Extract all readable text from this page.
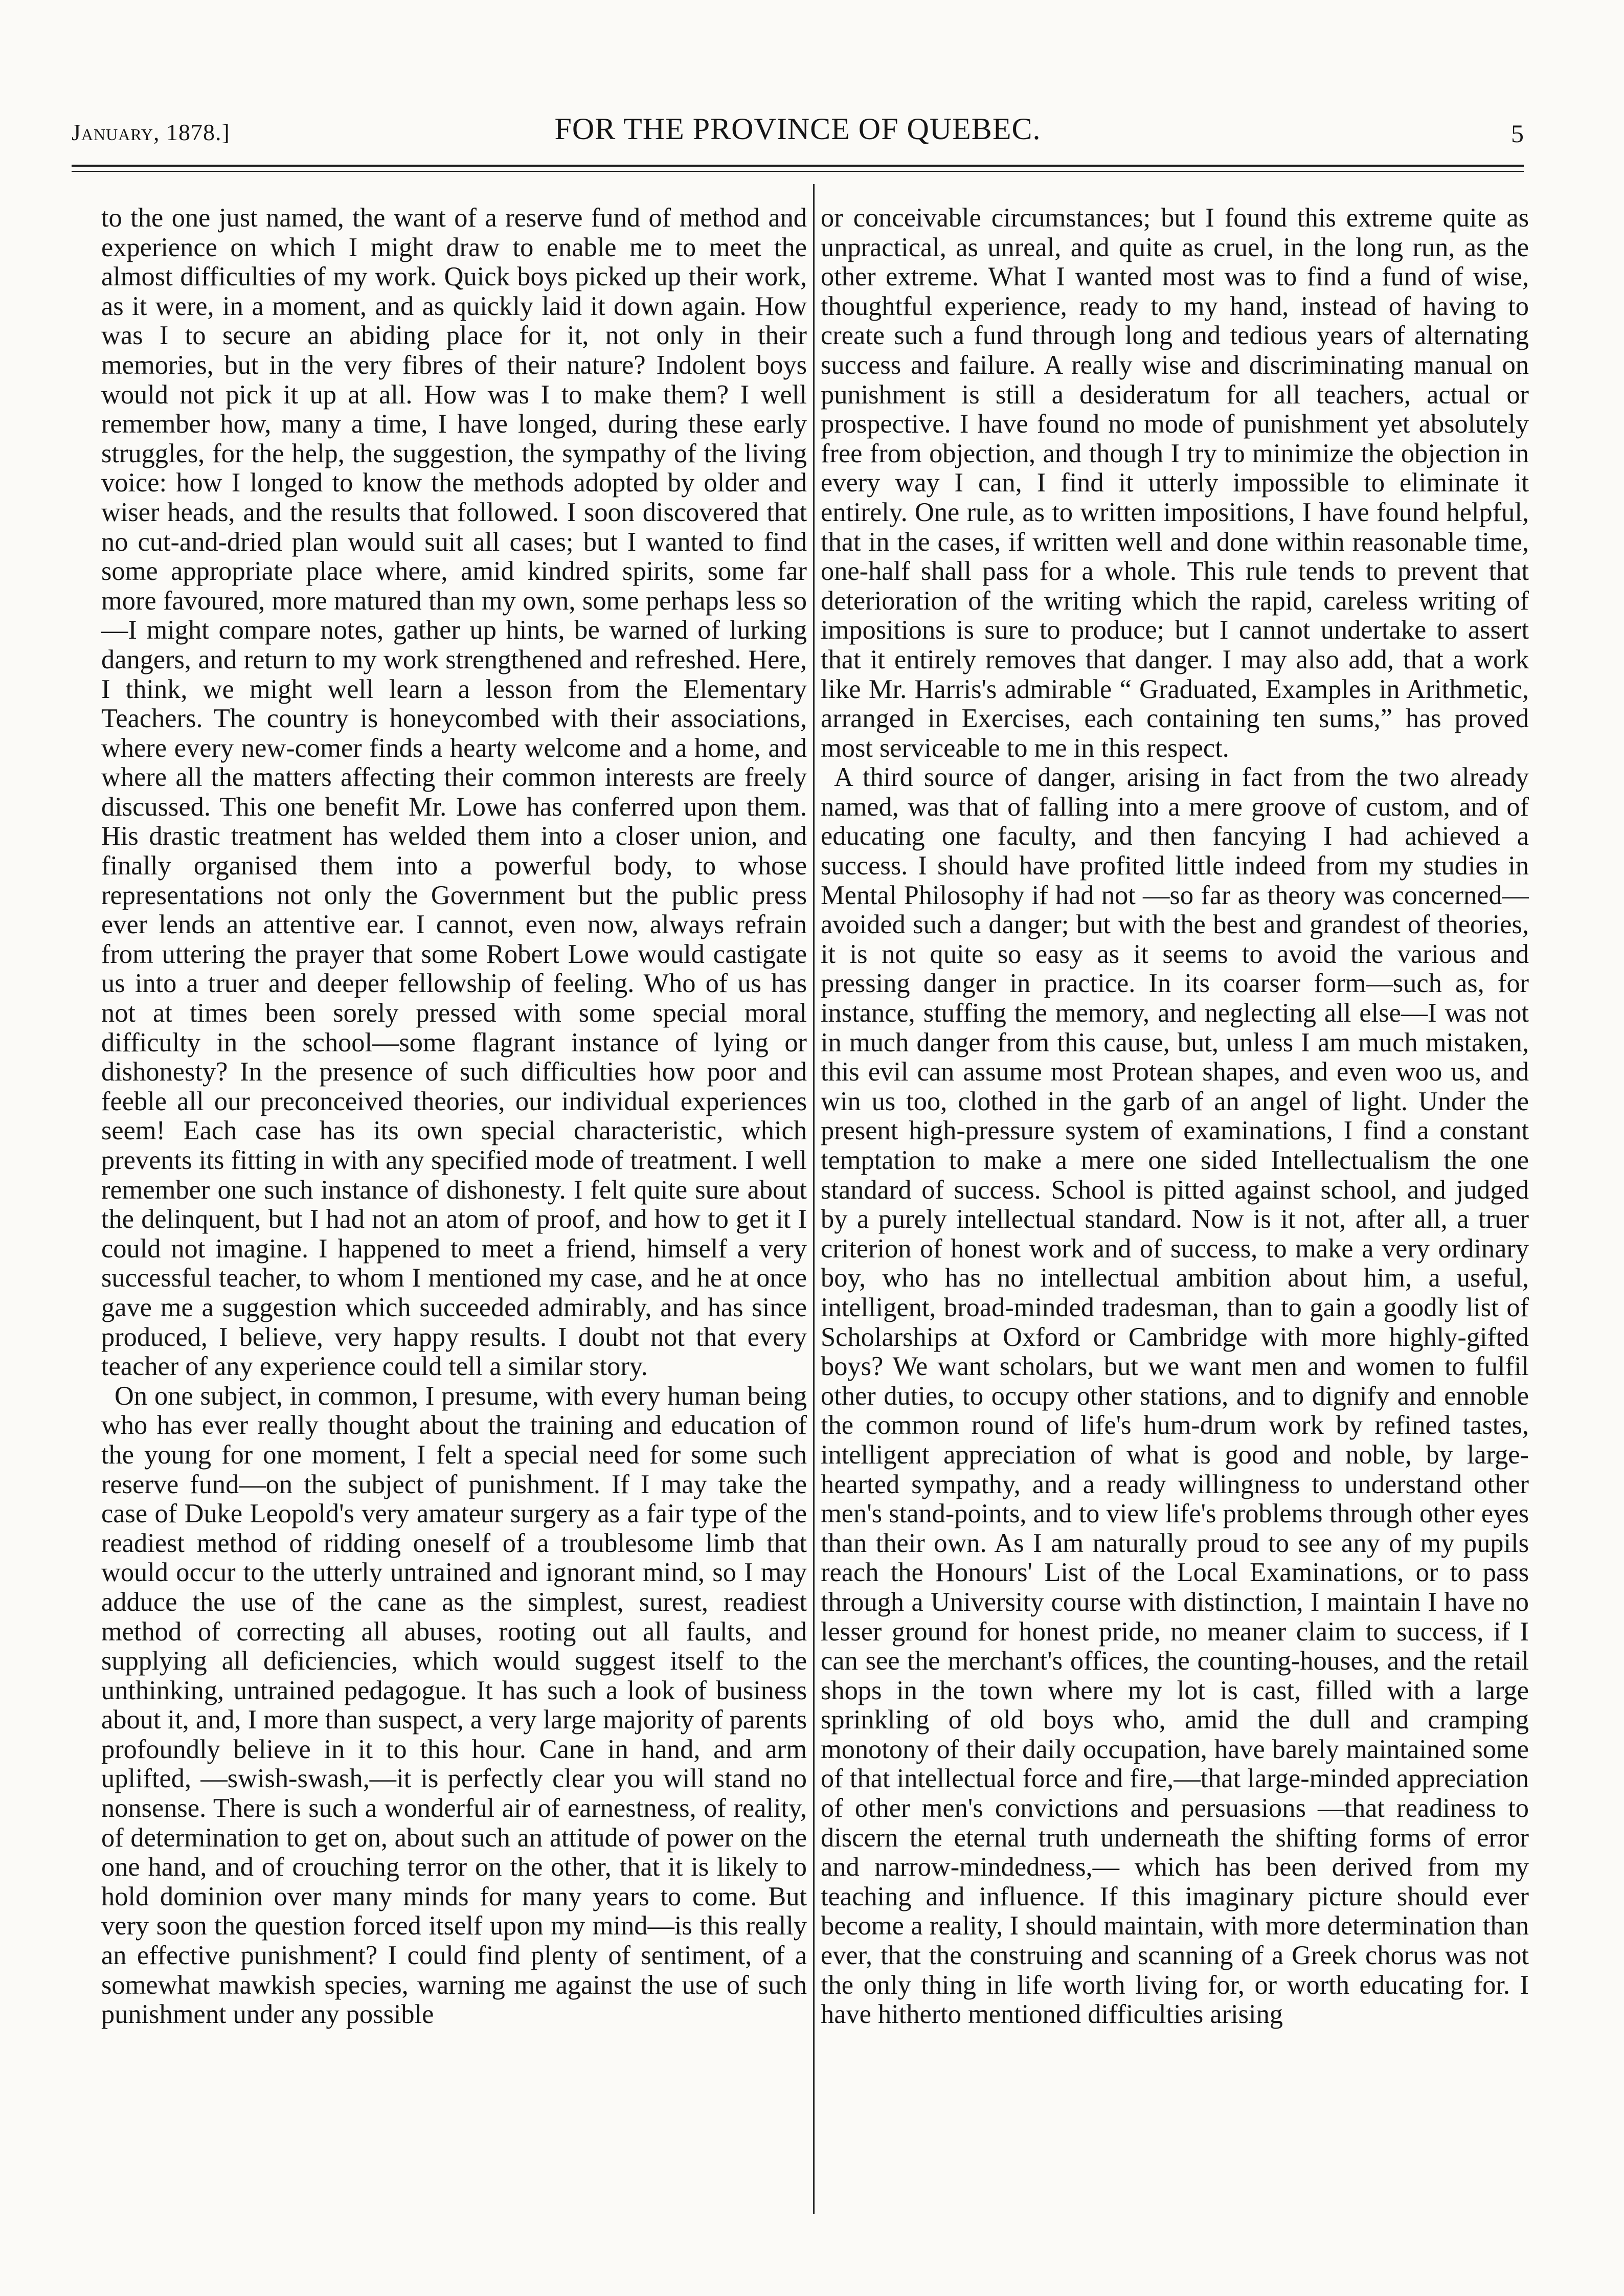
January, 1878.]	FOR THE PROVINCE OF QUEBEC.	5

to the one just named, the want of a reserve fund of method and experience on which I might draw to enable me to meet the almost difficulties of my work. Quick boys picked up their work, as it were, in a moment, and as quickly laid it down again. How was I to secure an abiding place for it, not only in their memories, but in the very fibres of their nature? Indolent boys would not pick it up at all. How was I to make them? I well remember how, many a time, I have longed, during these early struggles, for the help, the suggestion, the sympathy of the living voice: how I longed to know the methods adopted by older and wiser heads, and the results that followed. I soon discovered that no cut-and-dried plan would suit all cases; but I wanted to find some appropriate place where, amid kindred spirits, some far more favoured, more matured than my own, some perhaps less so—I might compare notes, gather up hints, be warned of lurking dangers, and return to my work strengthened and refreshed. Here, I think, we might well learn a lesson from the Elementary Teachers. The country is honeycombed with their associations, where every new-comer finds a hearty welcome and a home, and where all the matters affecting their common interests are freely discussed. This one benefit Mr. Lowe has conferred upon them. His drastic treatment has welded them into a closer union, and finally organised them into a powerful body, to whose representations not only the Government but the public press ever lends an attentive ear. I cannot, even now, always refrain from uttering the prayer that some Robert Lowe would castigate us into a truer and deeper fellowship of feeling. Who of us has not at times been sorely pressed with some special moral difficulty in the school—some flagrant instance of lying or dishonesty? In the presence of such difficulties how poor and feeble all our preconceived theories, our individual experiences seem! Each case has its own special characteristic, which prevents its fitting in with any specified mode of treatment. I well remember one such instance of dishonesty. I felt quite sure about the delinquent, but I had not an atom of proof, and how to get it I could not imagine. I happened to meet a friend, himself a very successful teacher, to whom I mentioned my case, and he at once gave me a suggestion which succeeded admirably, and has since produced, I believe, very happy results. I doubt not that every teacher of any experience could tell a similar story.

On one subject, in common, I presume, with every human being who has ever really thought about the training and education of the young for one moment, I felt a special need for some such reserve fund—on the subject of punishment. If I may take the case of Duke Leopold's very amateur surgery as a fair type of the readiest method of ridding oneself of a troublesome limb that would occur to the utterly untrained and ignorant mind, so I may adduce the use of the cane as the simplest, surest, readiest method of correcting all abuses, rooting out all faults, and supplying all deficiencies, which would suggest itself to the unthinking, untrained pedagogue. It has such a look of business about it, and, I more than suspect, a very large majority of parents profoundly believe in it to this hour. Cane in hand, and arm uplifted, —swish-swash,—it is perfectly clear you will stand no nonsense. There is such a wonderful air of earnestness, of reality, of determination to get on, about such an attitude of power on the one hand, and of crouching terror on the other, that it is likely to hold dominion over many minds for many years to come. But very soon the question forced itself upon my mind—is this really an effective punishment? I could find plenty of sentiment, of a somewhat mawkish species, warning me against the use of such punishment under any possible

or conceivable circumstances; but I found this extreme quite as unpractical, as unreal, and quite as cruel, in the long run, as the other extreme. What I wanted most was to find a fund of wise, thoughtful experience, ready to my hand, instead of having to create such a fund through long and tedious years of alternating success and failure. A really wise and discriminating manual on punishment is still a desideratum for all teachers, actual or prospective. I have found no mode of punishment yet absolutely free from objection, and though I try to minimize the objection in every way I can, I find it utterly impossible to eliminate it entirely. One rule, as to written impositions, I have found helpful, that in the cases, if written well and done within reasonable time, one-half shall pass for a whole. This rule tends to prevent that deterioration of the writing which the rapid, careless writing of impositions is sure to produce; but I cannot undertake to assert that it entirely removes that danger. I may also add, that a work like Mr. Harris's admirable “ Graduated, Examples in Arithmetic, arranged in Exercises, each containing ten sums,” has proved most serviceable to me in this respect.

A third source of danger, arising in fact from the two already named, was that of falling into a mere groove of custom, and of educating one faculty, and then fancying I had achieved a success. I should have profited little indeed from my studies in Mental Philosophy if had not —so far as theory was concerned—avoided such a danger; but with the best and grandest of theories, it is not quite so easy as it seems to avoid the various and pressing danger in practice. In its coarser form—such as, for instance, stuffing the memory, and neglecting all else—I was not in much danger from this cause, but, unless I am much mistaken, this evil can assume most Protean shapes, and even woo us, and win us too, clothed in the garb of an angel of light. Under the present high-pressure system of examinations, I find a constant temptation to make a mere one sided Intellectualism the one standard of success. School is pitted against school, and judged by a purely intellectual standard. Now is it not, after all, a truer criterion of honest work and of success, to make a very ordinary boy, who has no intellectual ambition about him, a useful, intelligent, broad-minded tradesman, than to gain a goodly list of Scholarships at Oxford or Cambridge with more highly-gifted boys? We want scholars, but we want men and women to fulfil other duties, to occupy other stations, and to dignify and ennoble the common round of life's hum-drum work by refined tastes, intelligent appreciation of what is good and noble, by large-hearted sympathy, and a ready willingness to understand other men's stand-points, and to view life's problems through other eyes than their own. As I am naturally proud to see any of my pupils reach the Honours' List of the Local Examinations, or to pass through a University course with distinction, I maintain I have no lesser ground for honest pride, no meaner claim to success, if I can see the merchant's offices, the counting-houses, and the retail shops in the town where my lot is cast, filled with a large sprinkling of old boys who, amid the dull and cramping monotony of their daily occupation, have barely maintained some of that intellectual force and fire,—that large-minded appreciation of other men's convictions and persuasions —that readiness to discern the eternal truth underneath the shifting forms of error and narrow-mindedness,— which has been derived from my teaching and influence. If this imaginary picture should ever become a reality, I should maintain, with more determination than ever, that the construing and scanning of a Greek chorus was not the only thing in life worth living for, or worth educating for. I have hitherto mentioned difficulties arising
